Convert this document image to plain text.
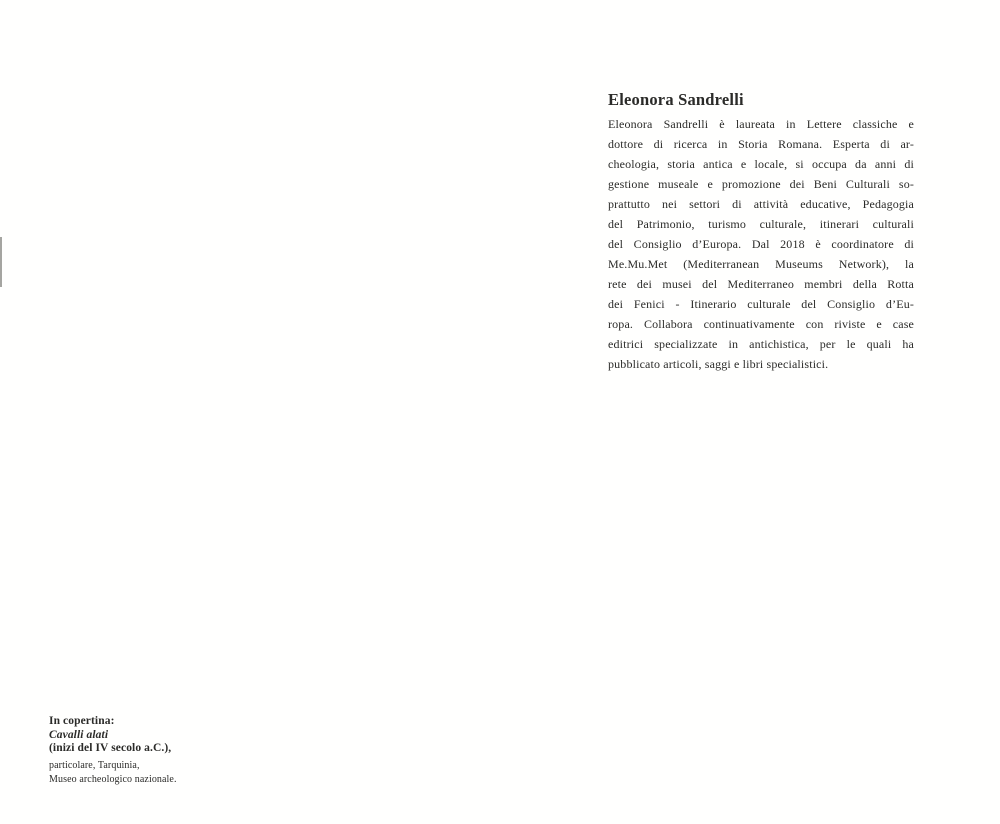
Eleonora Sandrelli
Eleonora Sandrelli è laureata in Lettere classiche e
dottore di ricerca in Storia Romana. Esperta di ar-
cheologia, storia antica e locale, si occupa da anni di
gestione museale e promozione dei Beni Culturali so-
prattutto nei settori di attività educative, Pedagogia
del Patrimonio, turismo culturale, itinerari culturali
del Consiglio d’Europa. Dal 2018 è coordinatore di
Me.Mu.Met (Mediterranean Museums Network), la
rete dei musei del Mediterraneo membri della Rotta
dei Fenici - Itinerario culturale del Consiglio d’Eu-
ropa. Collabora continuativamente con riviste e case
editrici specializzate in antichistica, per le quali ha
pubblicato articoli, saggi e libri specialistici.
In copertina:
Cavalli alati
(inizi del IV secolo a.C.),
particolare, Tarquinia,
Museo archeologico nazionale.
